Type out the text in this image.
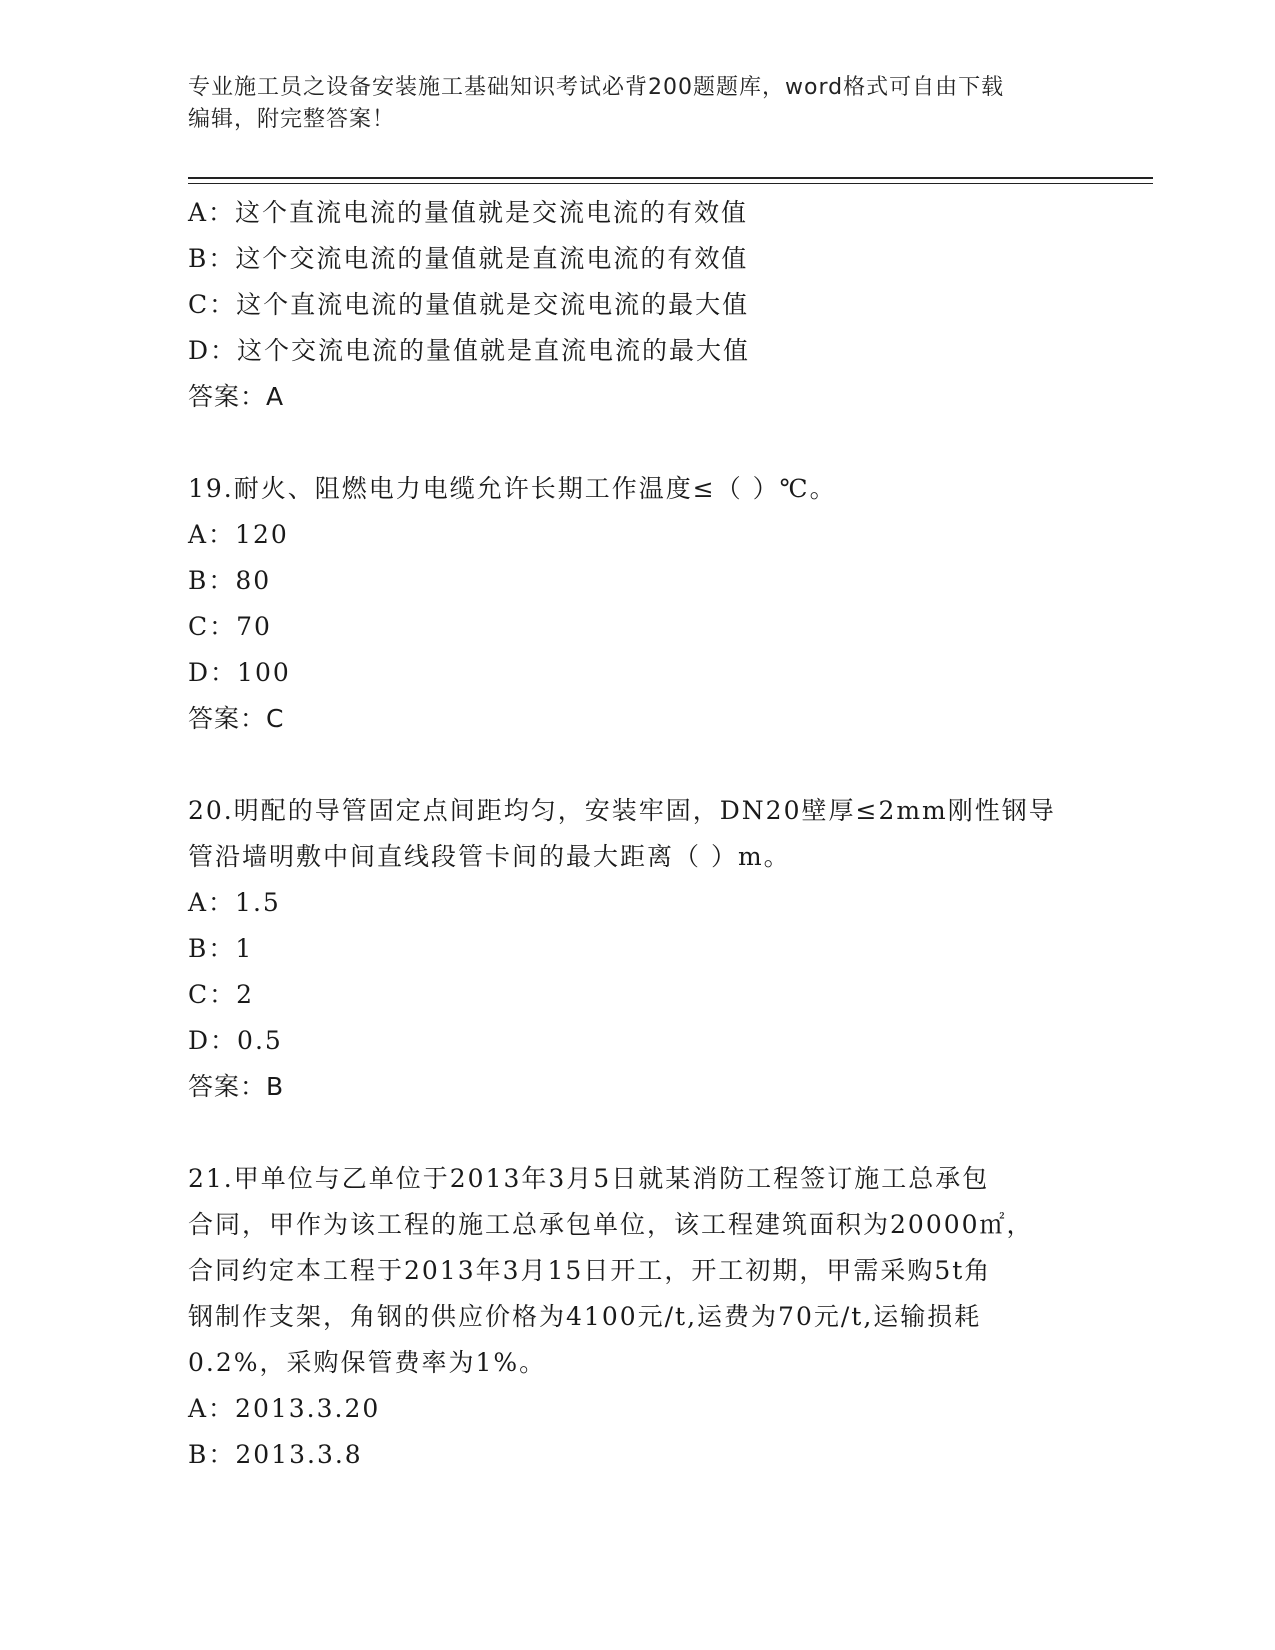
专业施工员之设备安装施工基础知识考试必背200题题库，word格式可自由下载
编辑，附完整答案！
A：这个直流电流的量值就是交流电流的有效值
B：这个交流电流的量值就是直流电流的有效值
C：这个直流电流的量值就是交流电流的最大值
D：这个交流电流的量值就是直流电流的最大值
答案：A
19.耐火、阻燃电力电缆允许长期工作温度≤（ ）℃。
A：120
B：80
C：70
D：100
答案：C
20.明配的导管固定点间距均匀，安装牢固，DN20壁厚≤2mm刚性钢导
管沿墙明敷中间直线段管卡间的最大距离（ ）m。
A：1.5
B：1
C：2
D：0.5
答案：B
21.甲单位与乙单位于2013年3月5日就某消防工程签订施工总承包
合同，甲作为该工程的施工总承包单位，该工程建筑面积为20000㎡，
合同约定本工程于2013年3月15日开工，开工初期，甲需采购5t角
钢制作支架，角钢的供应价格为4100元/t,运费为70元/t,运输损耗
0.2%，采购保管费率为1%。
A：2013.3.20
B：2013.3.8
